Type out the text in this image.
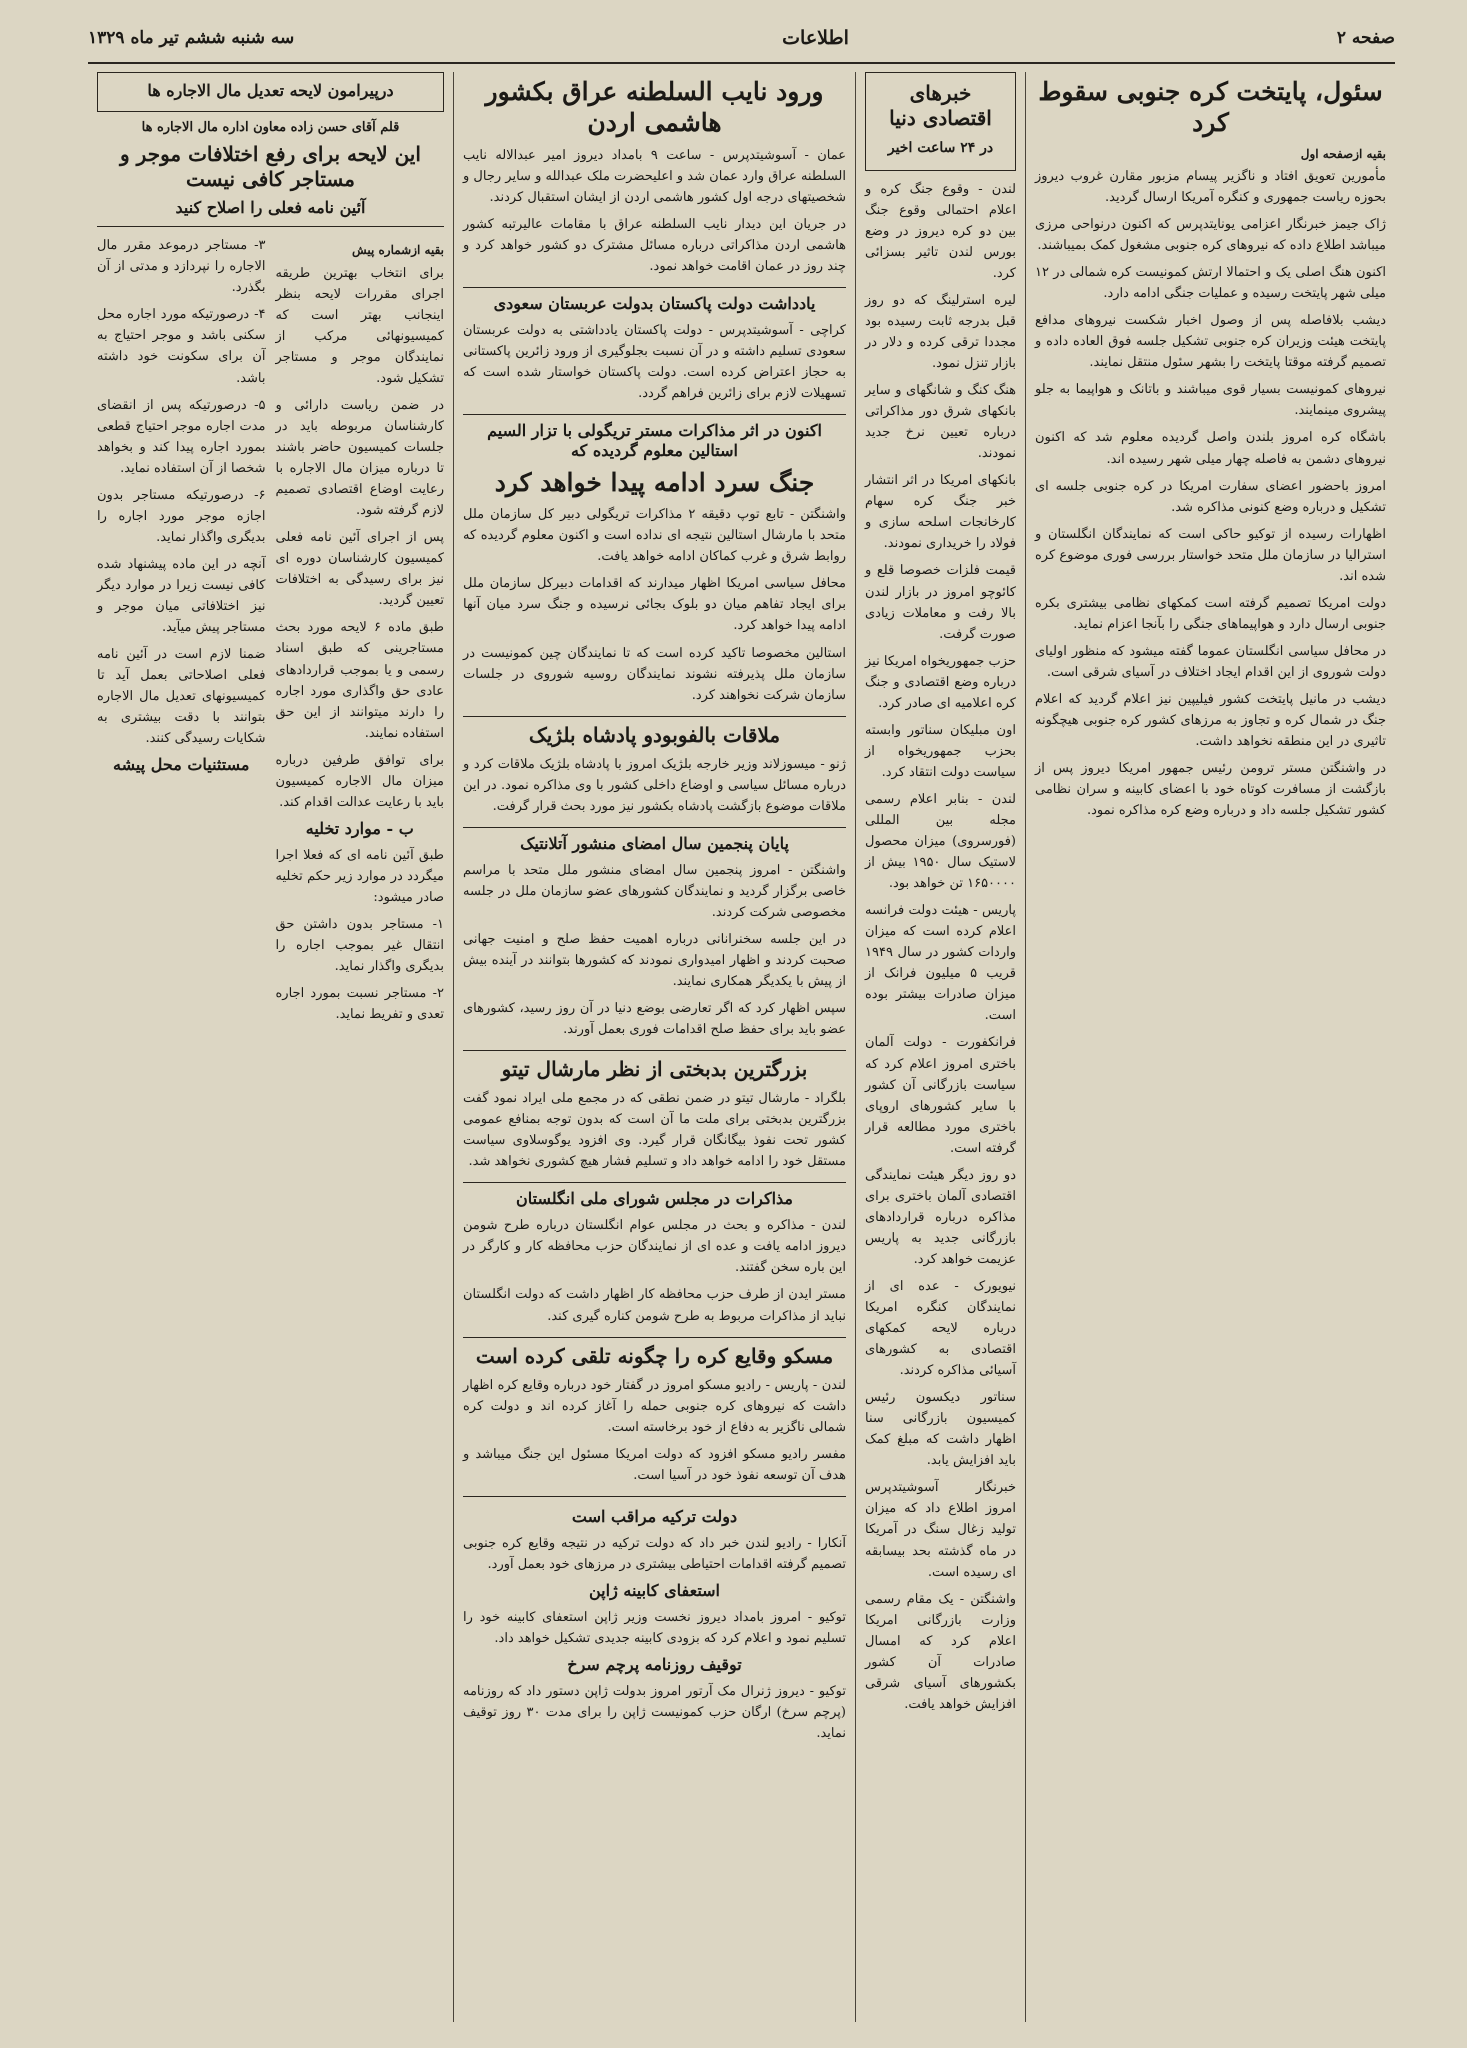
صفحه ۲
اطلاعات
سه شنبه ششم تیر ماه ۱۳۲۹
سئول، پایتخت کره جنوبی سقوط کرد
بقیه ازصفحه اول

مأمورین تعویق افتاد و ناگزیر پیسام مزبور مقارن غروب دیروز بحوزه ریاست جمهوری و کنگره آمریکا ارسال گردید.

ژاک جیمز خبرنگار اعزامی یونایتدپرس که اکنون درنواحی مرزی میباشد اطلاع داده که نیروهای کره جنوبی مشغول کمک بمیباشند.

اکنون هنگ اصلی یک و احتمالا ارتش کمونیست کره شمالی در ۱۲ میلی شهر پایتخت رسیده و عملیات جنگی ادامه دارد.

دیشب بلافاصله پس از وصول اخبار شکست نیروهای مدافع پایتخت هیئت وزیران کره جنوبی تشکیل جلسه فوق العاده داده و تصمیم گرفته موقتا پایتخت را بشهر سئول منتقل نمایند.

نیروهای کمونیست بسیار قوی میباشند و باتانک و هواپیما به جلو پیشروی مینمایند.

باشگاه کره امروز بلندن واصل گردیده معلوم شد که اکنون نیروهای دشمن به فاصله چهار میلی شهر رسیده اند.

امروز باحضور اعضای سفارت امریکا در کره جنوبی جلسه ای تشکیل و درباره وضع کنونی مذاکره شد.

اظهارات رسیده از توکیو حاکی است که نمایندگان انگلستان و استرالیا در سازمان ملل متحد خواستار بررسی فوری موضوع کره شده اند.

دولت امریکا تصمیم گرفته است کمکهای نظامی بیشتری بکره جنوبی ارسال دارد و هواپیماهای جنگی را بآنجا اعزام نماید.

در محافل سیاسی انگلستان عموما گفته میشود که منظور اولیای دولت شوروی از این اقدام ایجاد اختلاف در آسیای شرقی است.

دیشب در مانیل پایتخت کشور فیلیپین نیز اعلام گردید که اعلام جنگ در شمال کره و تجاوز به مرزهای کشور کره جنوبی هیچگونه تاثیری در این منطقه نخواهد داشت.

در واشنگتن مستر ترومن رئیس جمهور امریکا دیروز پس از بازگشت از مسافرت کوتاه خود با اعضای کابینه و سران نظامی کشور تشکیل جلسه داد و درباره وضع کره مذاکره نمود.

خبرهای اقتصادی دنیا
در ۲۴ ساعت اخیر

لندن - وقوع جنگ کره و اعلام احتمالی وقوع جنگ بین دو کره دیروز در وضع بورس لندن تاثیر بسزائی کرد.

لیره استرلینگ که دو روز قبل بدرجه ثابت رسیده بود مجددا ترقی کرده و دلار در بازار تنزل نمود.

هنگ کنگ و شانگهای و سایر بانکهای شرق دور مذاکراتی درباره تعیین نرخ جدید نمودند.

بانکهای امریکا در اثر انتشار خبر جنگ کره سهام کارخانجات اسلحه سازی و فولاد را خریداری نمودند.

قیمت فلزات خصوصا قلع و کائوچو امروز در بازار لندن بالا رفت و معاملات زیادی صورت گرفت.

حزب جمهوریخواه امریکا نیز درباره وضع اقتصادی و جنگ کره اعلامیه ای صادر کرد.

اون مبلیکان سناتور وابسته بحزب جمهوریخواه از سیاست دولت انتقاد کرد.

لندن - بنابر اعلام رسمی مجله بین المللی (فورسروی) میزان محصول لاستیک سال ۱۹۵۰ بیش از ۱۶۵۰۰۰۰ تن خواهد بود.

پاریس - هیئت دولت فرانسه اعلام کرده است که میزان واردات کشور در سال ۱۹۴۹ قریب ۵ میلیون فرانک از میزان صادرات بیشتر بوده است.

فرانکفورت - دولت آلمان باختری امروز اعلام کرد که سیاست بازرگانی آن کشور با سایر کشورهای اروپای باختری مورد مطالعه قرار گرفته است.

دو روز دیگر هیئت نمایندگی اقتصادی آلمان باختری برای مذاکره درباره قراردادهای بازرگانی جدید به پاریس عزیمت خواهد کرد.

نیویورک - عده ای از نمایندگان کنگره امریکا درباره لایحه کمکهای اقتصادی به کشورهای آسیائی مذاکره کردند.

سناتور دیکسون رئیس کمیسیون بازرگانی سنا اظهار داشت که مبلغ کمک باید افزایش یابد.

خبرنگار آسوشیتدپرس امروز اطلاع داد که میزان تولید زغال سنگ در آمریکا در ماه گذشته بحد بیسابقه ای رسیده است.

واشنگتن - یک مقام رسمی وزارت بازرگانی امریکا اعلام کرد که امسال صادرات آن کشور بکشورهای آسیای شرقی افزایش خواهد یافت.

ورود نایب السلطنه عراق بکشور هاشمی اردن

عمان - آسوشیتدپرس - ساعت ۹ بامداد دیروز امیر عبدالاله نایب السلطنه عراق وارد عمان شد و اعلیحضرت ملک عبدالله و سایر رجال و شخصیتهای درجه اول کشور هاشمی اردن از ایشان استقبال کردند.

در جریان این دیدار نایب السلطنه عراق با مقامات عالیرتبه کشور هاشمی اردن مذاکراتی درباره مسائل مشترک دو کشور خواهد کرد و چند روز در عمان اقامت خواهد نمود.

یادداشت دولت پاکستان بدولت عربستان سعودی

کراچی - آسوشیتدپرس - دولت پاکستان یادداشتی به دولت عربستان سعودی تسلیم داشته و در آن نسبت بجلوگیری از ورود زائرین پاکستانی به حجاز اعتراض کرده است. دولت پاکستان خواستار شده است که تسهیلات لازم برای زائرین فراهم گردد.

اکنون در اثر مذاکرات مستر تریگولی با تزار السیم استالین معلوم گردیده که
جنگ سرد ادامه پیدا خواهد کرد

واشنگتن - تابع توپ دقیقه ۲ مذاکرات تریگولی دبیر کل سازمان ملل متحد با مارشال استالین نتیجه ای نداده است و اکنون معلوم گردیده که روابط شرق و غرب کماکان ادامه خواهد یافت.

محافل سیاسی امریکا اظهار میدارند که اقدامات دبیرکل سازمان ملل برای ایجاد تفاهم میان دو بلوک بجائی نرسیده و جنگ سرد میان آنها ادامه پیدا خواهد کرد.

استالین مخصوصا تاکید کرده است که تا نمایندگان چین کمونیست در سازمان ملل پذیرفته نشوند نمایندگان روسیه شوروی در جلسات سازمان شرکت نخواهند کرد.

ملاقات بالفوبودو پادشاه بلژیک

ژنو - میسوزلاند وزیر خارجه بلژیک امروز با پادشاه بلژیک ملاقات کرد و درباره مسائل سیاسی و اوضاع داخلی کشور با وی مذاکره نمود. در این ملاقات موضوع بازگشت پادشاه بکشور نیز مورد بحث قرار گرفت.

پایان پنجمین سال امضای منشور آتلانتیک

واشنگتن - امروز پنجمین سال امضای منشور ملل متحد با مراسم خاصی برگزار گردید و نمایندگان کشورهای عضو سازمان ملل در جلسه مخصوصی شرکت کردند.

در این جلسه سخنرانانی درباره اهمیت حفظ صلح و امنیت جهانی صحبت کردند و اظهار امیدواری نمودند که کشورها بتوانند در آینده بیش از پیش با یکدیگر همکاری نمایند.

سپس اظهار کرد که اگر تعارضی بوضع دنیا در آن روز رسید، کشورهای عضو باید برای حفظ صلح اقدامات فوری بعمل آورند.

بزرگترین بدبختی از نظر مارشال تیتو

بلگراد - مارشال تیتو در ضمن نطقی که در مجمع ملی ایراد نمود گفت بزرگترین بدبختی برای ملت ما آن است که بدون توجه بمنافع عمومی کشور تحت نفوذ بیگانگان قرار گیرد. وی افزود یوگوسلاوی سیاست مستقل خود را ادامه خواهد داد و تسلیم فشار هیچ کشوری نخواهد شد.

مذاکرات در مجلس شورای ملی انگلستان

لندن - مذاکره و بحث در مجلس عوام انگلستان درباره طرح شومن دیروز ادامه یافت و عده ای از نمایندگان حزب محافظه کار و کارگر در این باره سخن گفتند.

مستر ایدن از طرف حزب محافظه کار اظهار داشت که دولت انگلستان نباید از مذاکرات مربوط به طرح شومن کناره گیری کند.

مسکو وقایع کره را چگونه تلقی کرده است

لندن - پاریس - رادیو مسکو امروز در گفتار خود درباره وقایع کره اظهار داشت که نیروهای کره جنوبی حمله را آغاز کرده اند و دولت کره شمالی ناگزیر به دفاع از خود برخاسته است.

مفسر رادیو مسکو افزود که دولت امریکا مسئول این جنگ میباشد و هدف آن توسعه نفوذ خود در آسیا است.

دولت ترکیه مراقب است

آنکارا - رادیو لندن خبر داد که دولت ترکیه در نتیجه وقایع کره جنوبی تصمیم گرفته اقدامات احتیاطی بیشتری در مرزهای خود بعمل آورد.

استعفای کابینه ژاپن

توکیو - امروز بامداد دیروز نخست وزیر ژاپن استعفای کابینه خود را تسلیم نمود و اعلام کرد که بزودی کابینه جدیدی تشکیل خواهد داد.

توقیف روزنامه پرچم سرخ

توکیو - دیروز ژنرال مک آرتور امروز بدولت ژاپن دستور داد که روزنامه (پرچم سرخ) ارگان حزب کمونیست ژاپن را برای مدت ۳۰ روز توقیف نماید.

درپیرامون لایحه تعدیل مال الاجاره ها
قلم آقای حسن زاده معاون اداره مال الاجاره ها
این لایحه برای رفع اختلافات موجر و مستاجر کافی نیست
آئین نامه فعلی را اصلاح کنید
بقیه ازشماره پیش

برای انتخاب بهترین طریقه اجرای مقررات لایحه بنظر اینجانب بهتر است که کمیسیونهائی مرکب از نمایندگان موجر و مستاجر تشکیل شود.

در ضمن ریاست دارائی و کارشناسان مربوطه باید در جلسات کمیسیون حاضر باشند تا درباره میزان مال الاجاره با رعایت اوضاع اقتصادی تصمیم لازم گرفته شود.

پس از اجرای آئین نامه فعلی کمیسیون کارشناسان دوره ای نیز برای رسیدگی به اختلافات تعیین گردید.

طبق ماده ۶ لایحه مورد بحث مستاجرینی که طبق اسناد رسمی و یا بموجب قراردادهای عادی حق واگذاری مورد اجاره را دارند میتوانند از این حق استفاده نمایند.

برای توافق طرفین درباره میزان مال الاجاره کمیسیون باید با رعایت عدالت اقدام کند.

ب - موارد تخلیه

طبق آئین نامه ای که فعلا اجرا میگردد در موارد زیر حکم تخلیه صادر میشود:

۱- مستاجر بدون داشتن حق انتقال غیر بموجب اجاره را بدیگری واگذار نماید.

۲- مستاجر نسبت بمورد اجاره تعدی و تفریط نماید.

۳- مستاجر درموعد مقرر مال الاجاره را نپردازد و مدتی از آن بگذرد.

۴- درصورتیکه مورد اجاره محل سکنی باشد و موجر احتیاج به آن برای سکونت خود داشته باشد.

۵- درصورتیکه پس از انقضای مدت اجاره موجر احتیاج قطعی بمورد اجاره پیدا کند و بخواهد شخصا از آن استفاده نماید.

۶- درصورتیکه مستاجر بدون اجازه موجر مورد اجاره را بدیگری واگذار نماید.

آنچه در این ماده پیشنهاد شده کافی نیست زیرا در موارد دیگر نیز اختلافاتی میان موجر و مستاجر پیش میآید.

ضمنا لازم است در آئین نامه فعلی اصلاحاتی بعمل آید تا کمیسیونهای تعدیل مال الاجاره بتوانند با دقت بیشتری به شکایات رسیدگی کنند.

مستثنیات محل پیشه
